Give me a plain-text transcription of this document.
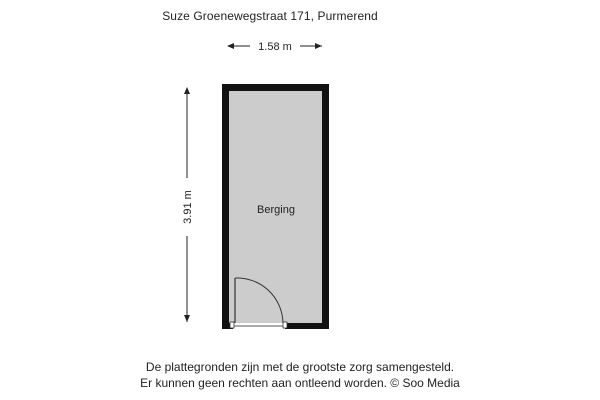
Suze Groenewegstraat 171, Purmerend
1.58 m
3.91 m	Berging
De plattegronden zijn met de grootste zorg samengesteld.
Er kunnen geen rechten aan ontleend worden. © Soo Media
